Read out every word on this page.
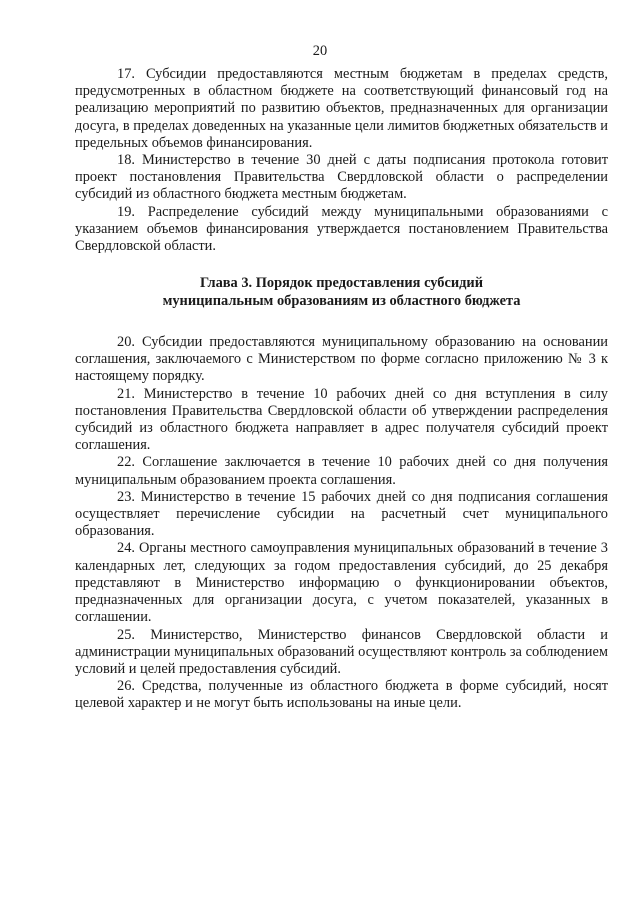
20

17. Субсидии предоставляются местным бюджетам в пределах средств, предусмотренных в областном бюджете на соответствующий финансовый год на реализацию мероприятий по развитию объектов, предназначенных для организации досуга, в пределах доведенных на указанные цели лимитов бюджетных обязательств и предельных объемов финансирования.

18. Министерство в течение 30 дней с даты подписания протокола готовит проект постановления Правительства Свердловской области о распределении субсидий из областного бюджета местным бюджетам.

19. Распределение субсидий между муниципальными образованиями с указанием объемов финансирования утверждается постановлением Правительства Свердловской области.

Глава 3. Порядок предоставления субсидий
муниципальным образованиям из областного бюджета

20. Субсидии предоставляются муниципальному образованию на основании соглашения, заключаемого с Министерством по форме согласно приложению № 3 к настоящему порядку.

21. Министерство в течение 10 рабочих дней со дня вступления в силу постановления Правительства Свердловской области об утверждении распределения субсидий из областного бюджета направляет в адрес получателя субсидий проект соглашения.

22. Соглашение заключается в течение 10 рабочих дней со дня получения муниципальным образованием проекта соглашения.

23. Министерство в течение 15 рабочих дней со дня подписания соглашения осуществляет перечисление субсидии на расчетный счет муниципального образования.

24. Органы местного самоуправления муниципальных образований в течение 3 календарных лет, следующих за годом предоставления субсидий, до 25 декабря представляют в Министерство информацию о функционировании объектов, предназначенных для организации досуга, с учетом показателей, указанных в соглашении.

25. Министерство, Министерство финансов Свердловской области и администрации муниципальных образований осуществляют контроль за соблюдением условий и целей предоставления субсидий.

26. Средства, полученные из областного бюджета в форме субсидий, носят целевой характер и не могут быть использованы на иные цели.
